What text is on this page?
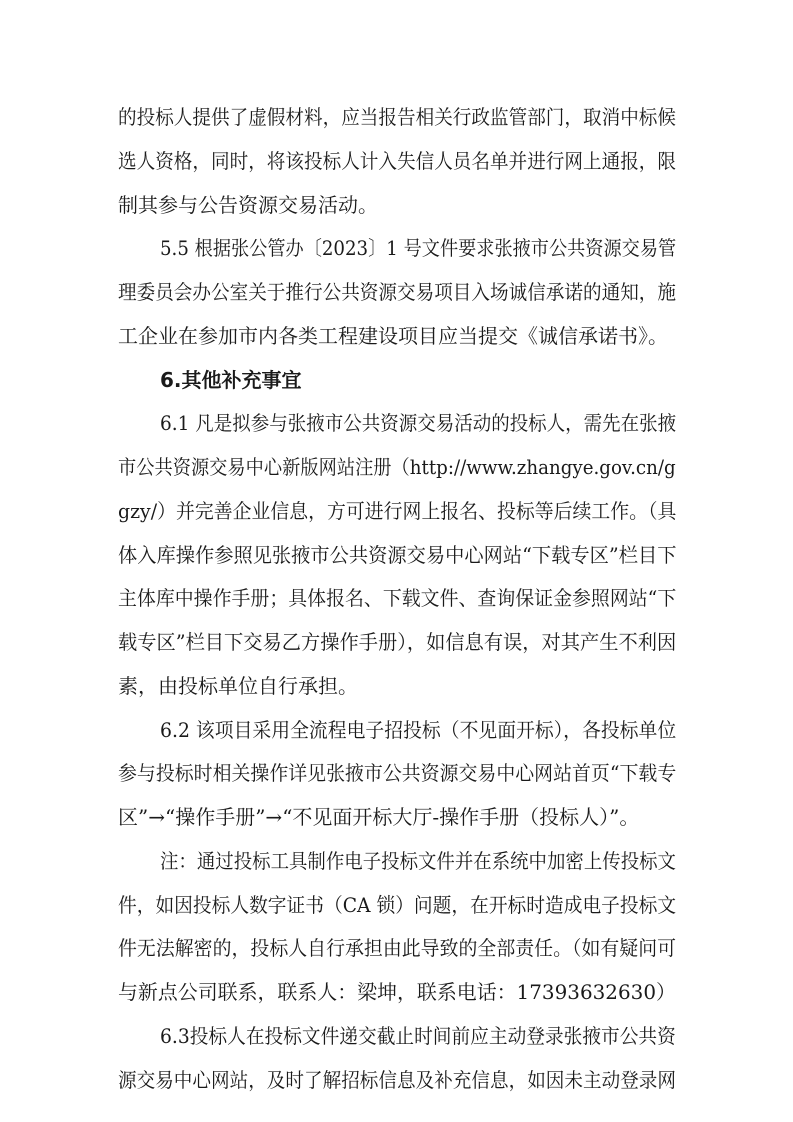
的投标人提供了虚假材料，应当报告相关行政监管部门，取消中标候
选人资格，同时，将该投标人计入失信人员名单并进行网上通报，限
制其参与公告资源交易活动。
5.5 根据张公管办〔2023〕1 号文件要求张掖市公共资源交易管
理委员会办公室关于推行公共资源交易项目入场诚信承诺的通知，施
工企业在参加市内各类工程建设项目应当提交《诚信承诺书》。
6.其他补充事宜
6.1 凡是拟参与张掖市公共资源交易活动的投标人，需先在张掖
市公共资源交易中心新版网站注册（http://www.zhangye.gov.cn/g
gzy/）并完善企业信息，方可进行网上报名、投标等后续工作。（具
体入库操作参照见张掖市公共资源交易中心网站“下载专区”栏目下
主体库中操作手册；具体报名、下载文件、查询保证金参照网站“下
载专区”栏目下交易乙方操作手册），如信息有误，对其产生不利因
素，由投标单位自行承担。
6.2 该项目采用全流程电子招投标（不见面开标），各投标单位
参与投标时相关操作详见张掖市公共资源交易中心网站首页“下载专
区”→“操作手册”→“不见面开标大厅-操作手册（投标人）”。
注：通过投标工具制作电子投标文件并在系统中加密上传投标文
件，如因投标人数字证书（CA 锁）问题，在开标时造成电子投标文
件无法解密的，投标人自行承担由此导致的全部责任。（如有疑问可
与新点公司联系，联系人：梁坤，联系电话：17393632630）
6.3投标人在投标文件递交截止时间前应主动登录张掖市公共资
源交易中心网站，及时了解招标信息及补充信息，如因未主动登录网
